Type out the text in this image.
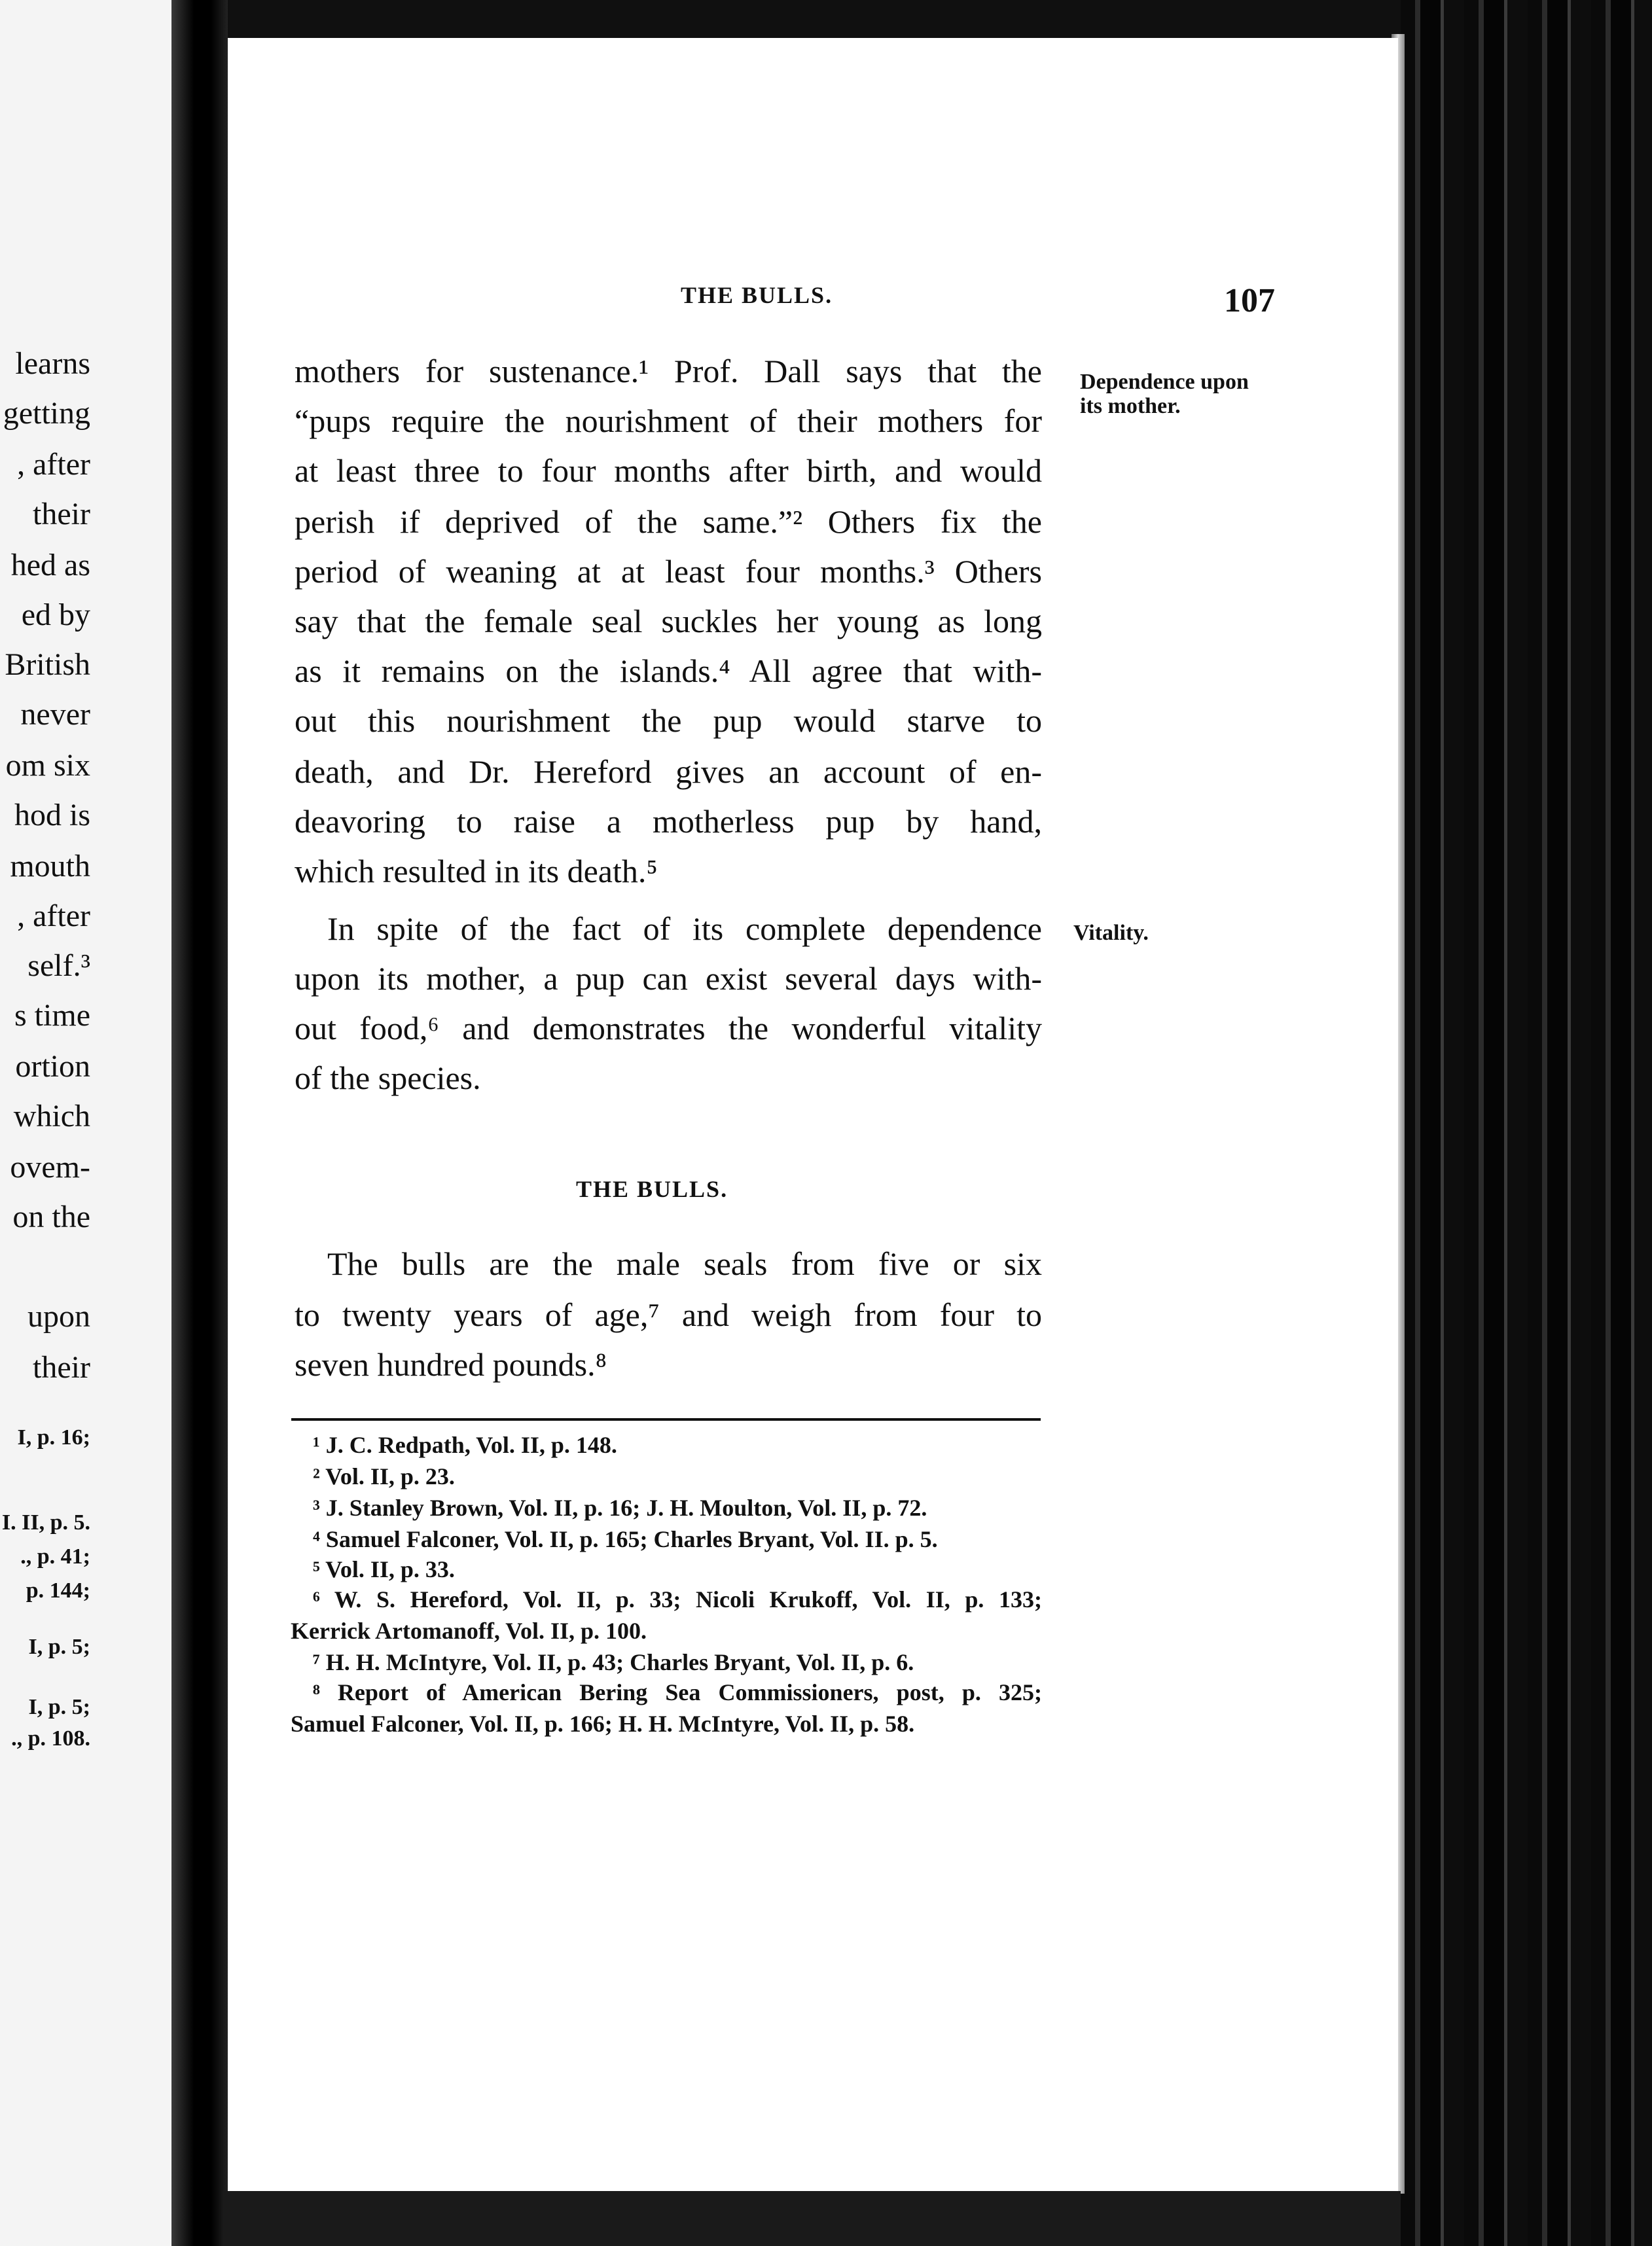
learns
getting
, after
their
hed as
ed by
British
never
om six
hod is
mouth
, after
self.³
s time
ortion
which
ovem-
on the
upon
their
I, p. 16;
I. II, p. 5.
., p. 41;
p. 144;
I, p. 5;
I, p. 5;
., p. 108.
THE BULLS.	107
mothers for sustenance.¹ Prof. Dall says that the
“pups require the nourishment of their mothers for
at least three to four months after birth, and would
perish if deprived of the same.”² Others fix the
period of weaning at at least four months.³ Others
say that the female seal suckles her young as long
as it remains on the islands.⁴ All agree that with-
out this nourishment the pup would starve to
death, and Dr. Hereford gives an account of en-
deavoring to raise a motherless pup by hand,
which resulted in its death.⁵
In spite of the fact of its complete dependence
upon its mother, a pup can exist several days with-
out food,⁶ and demonstrates the wonderful vitality
of the species.
THE BULLS.
The bulls are the male seals from five or six
to twenty years of age,⁷ and weigh from four to
seven hundred pounds.⁸
Dependence upon
its mother.
Vitality.
¹ J. C. Redpath, Vol. II, p. 148.
² Vol. II, p. 23.
³ J. Stanley Brown, Vol. II, p. 16; J. H. Moulton, Vol. II, p. 72.
⁴ Samuel Falconer, Vol. II, p. 165; Charles Bryant, Vol. II. p. 5.
⁵ Vol. II, p. 33.
⁶ W. S. Hereford, Vol. II, p. 33; Nicoli Krukoff, Vol. II, p. 133;
Kerrick Artomanoff, Vol. II, p. 100.
⁷ H. H. McIntyre, Vol. II, p. 43; Charles Bryant, Vol. II, p. 6.
⁸ Report of American Bering Sea Commissioners, post, p. 325;
Samuel Falconer, Vol. II, p. 166; H. H. McIntyre, Vol. II, p. 58.
